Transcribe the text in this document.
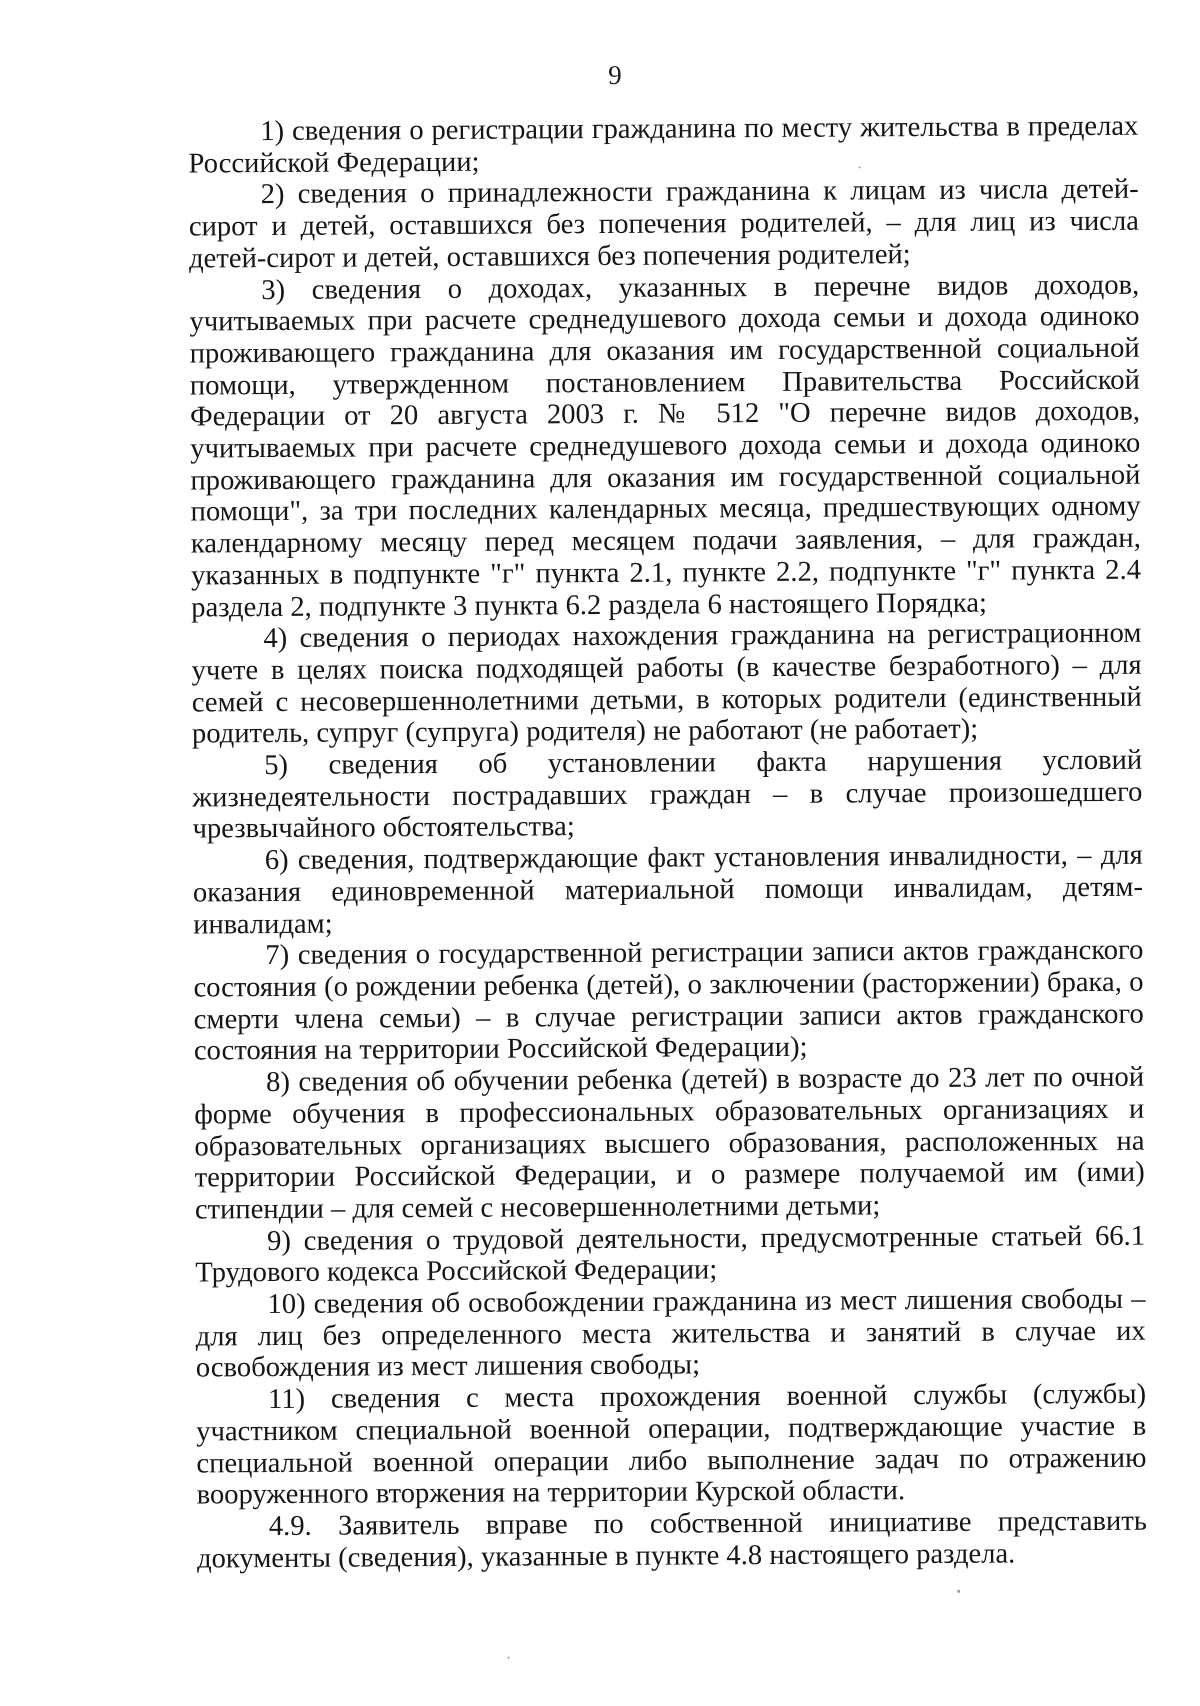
9

1) сведения о регистрации гражданина по месту жительства в пределах Российской Федерации;

2) сведения о принадлежности гражданина к лицам из числа детей-сирот и детей, оставшихся без попечения родителей, – для лиц из числа детей-сирот и детей, оставшихся без попечения родителей;

3) сведения о доходах, указанных в перечне видов доходов, учитываемых при расчете среднедушевого дохода семьи и дохода одиноко проживающего гражданина для оказания им государственной социальной помощи, утвержденном постановлением Правительства Российской Федерации от 20 августа 2003 г. № 512 "О перечне видов доходов, учитываемых при расчете среднедушевого дохода семьи и дохода одиноко проживающего гражданина для оказания им государственной социальной помощи", за три последних календарных месяца, предшествующих одному календарному месяцу перед месяцем подачи заявления, – для граждан, указанных в подпункте "г" пункта 2.1, пункте 2.2, подпункте "г" пункта 2.4 раздела 2, подпункте 3 пункта 6.2 раздела 6 настоящего Порядка;

4) сведения о периодах нахождения гражданина на регистрационном учете в целях поиска подходящей работы (в качестве безработного) – для семей с несовершеннолетними детьми, в которых родители (единственный родитель, супруг (супруга) родителя) не работают (не работает);

5) сведения об установлении факта нарушения условий жизнедеятельности пострадавших граждан – в случае произошедшего чрезвычайного обстоятельства;

6) сведения, подтверждающие факт установления инвалидности, – для оказания единовременной материальной помощи инвалидам, детям-инвалидам;

7) сведения о государственной регистрации записи актов гражданского состояния (о рождении ребенка (детей), о заключении (расторжении) брака, о смерти члена семьи) – в случае регистрации записи актов гражданского состояния на территории Российской Федерации);

8) сведения об обучении ребенка (детей) в возрасте до 23 лет по очной форме обучения в профессиональных образовательных организациях и образовательных организациях высшего образования, расположенных на территории Российской Федерации, и о размере получаемой им (ими) стипендии – для семей с несовершеннолетними детьми;

9) сведения о трудовой деятельности, предусмотренные статьей 66.1 Трудового кодекса Российской Федерации;

10) сведения об освобождении гражданина из мест лишения свободы – для лиц без определенного места жительства и занятий в случае их освобождения из мест лишения свободы;

11) сведения с места прохождения военной службы (службы) участником специальной военной операции, подтверждающие участие в специальной военной операции либо выполнение задач по отражению вооруженного вторжения на территории Курской области.

4.9. Заявитель вправе по собственной инициативе представить документы (сведения), указанные в пункте 4.8 настоящего раздела.
